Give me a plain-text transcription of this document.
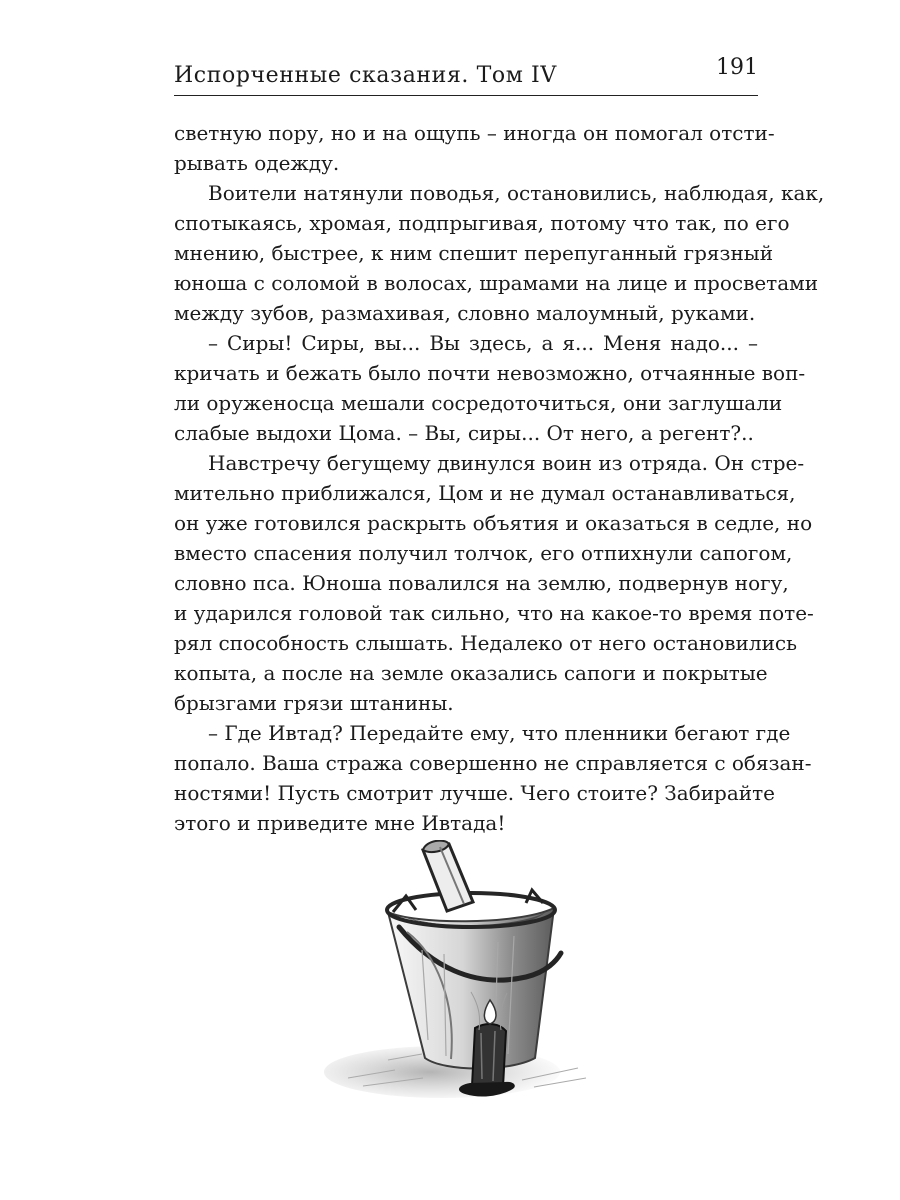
Испорченные сказания. Том IV	191
светную пору, но и на ощупь – иногда он помогал отсти-
рывать одежду.
Воители натянули поводья, остановились, наблюдая, как,
спотыкаясь, хромая, подпрыгивая, потому что так, по его
мнению, быстрее, к ним спешит перепуганный грязный
юноша с соломой в волосах, шрамами на лице и просветами
между зубов, размахивая, словно малоумный, руками.
– Сиры! Сиры, вы... Вы здесь, а я... Меня надо... –
кричать и бежать было почти невозможно, отчаянные воп-
ли оруженосца мешали сосредоточиться, они заглушали
слабые выдохи Цома. – Вы, сиры... От него, а регент?..
Навстречу бегущему двинулся воин из отряда. Он стре-
мительно приближался, Цом и не думал останавливаться,
он уже готовился раскрыть объятия и оказаться в седле, но
вместо спасения получил толчок, его отпихнули сапогом,
словно пса. Юноша повалился на землю, подвернув ногу,
и ударился головой так сильно, что на какое-то время поте-
рял способность слышать. Недалеко от него остановились
копыта, а после на земле оказались сапоги и покрытые
брызгами грязи штанины.
– Где Ивтад? Передайте ему, что пленники бегают где
попало. Ваша стража совершенно не справляется с обязан-
ностями! Пусть смотрит лучше. Чего стоите? Забирайте
этого и приведите мне Ивтада!
